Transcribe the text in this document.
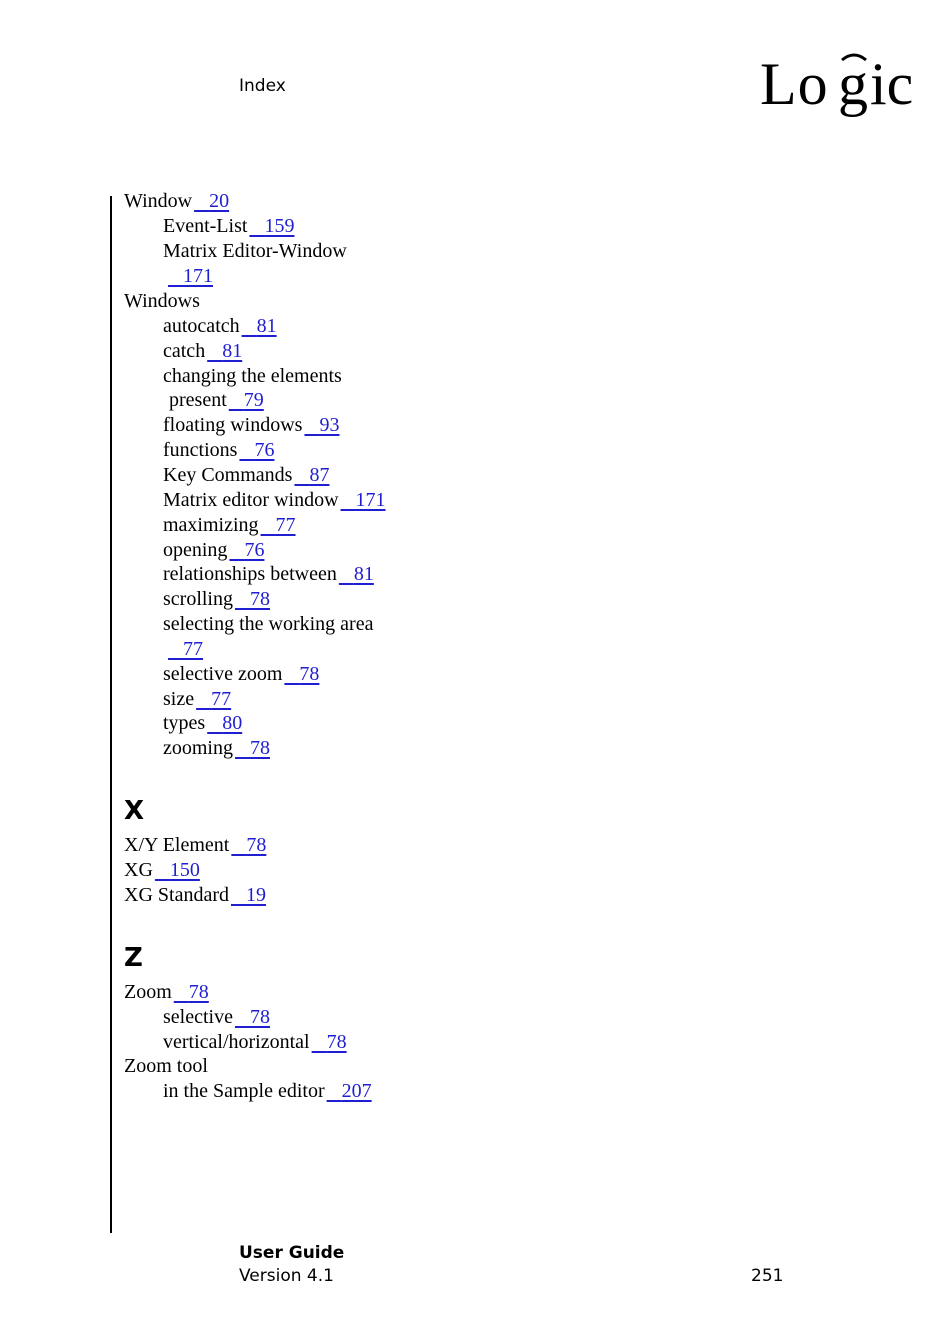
Index	Lo g ic
Window 20
Event-List 159
Matrix Editor-Window
171
Windows
autocatch 81
catch 81
changing the elements
present 79
floating windows 93
functions 76
Key Commands 87
Matrix editor window 171
maximizing 77
opening 76
relationships between 81
scrolling 78
selecting the working area
77
selective zoom 78
size 77
types 80
zooming 78
X
X/Y Element 78
XG 150
XG Standard 19
Z
Zoom 78
selective 78
vertical/horizontal 78
Zoom tool
in the Sample editor 207
User Guide
Version 4.1	251
